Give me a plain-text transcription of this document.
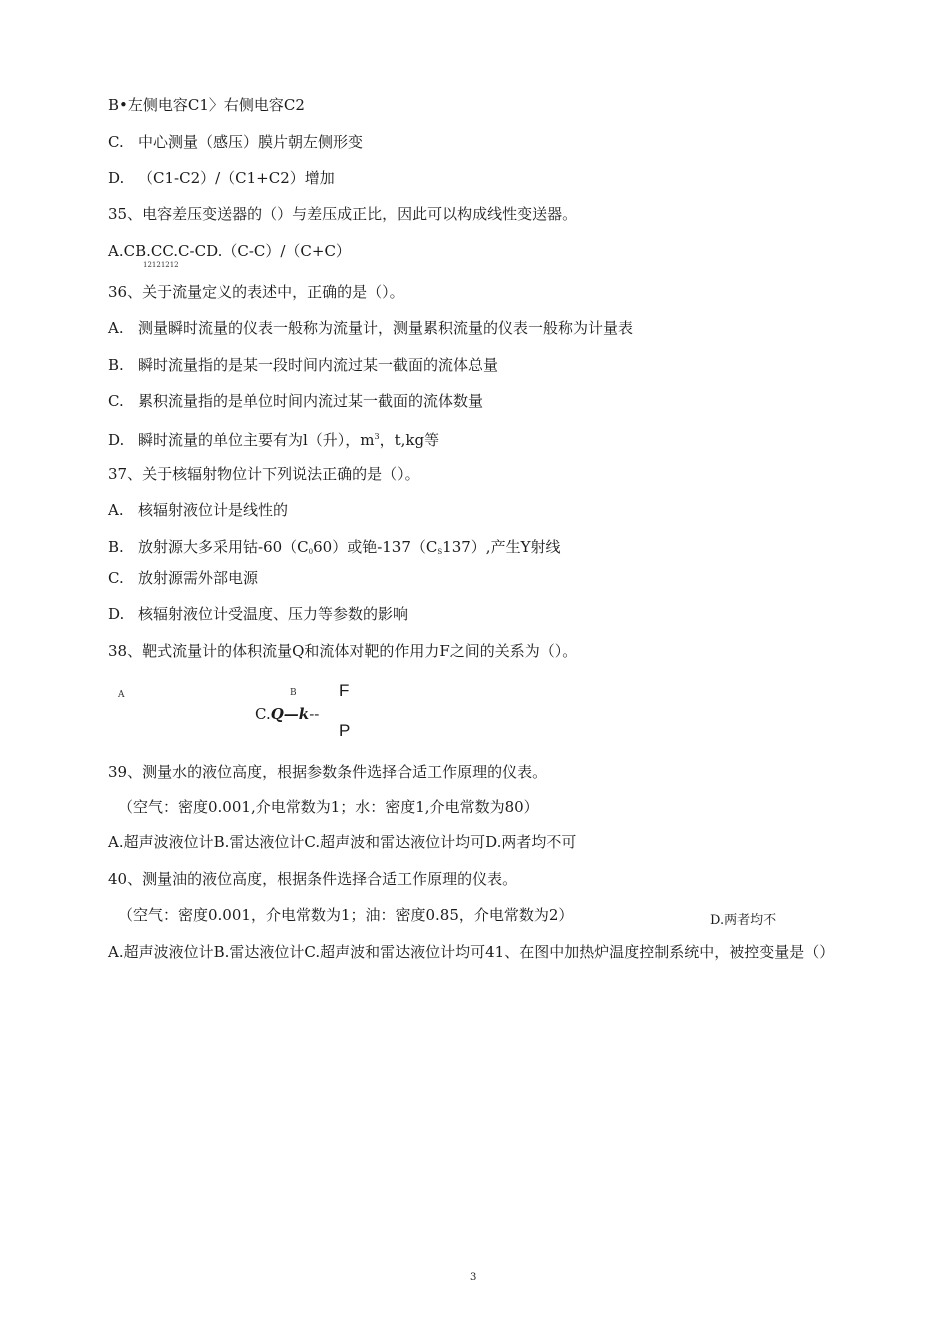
B•左侧电容C1〉右侧电容C2
C. 中心测量（感压）膜片朝左侧形变
D. （C1-C2）/（C1+C2）增加
35、电容差压变送器的（）与差压成正比，因此可以构成线性变送器。
A.CB.CC.C-CD.（C-C）/（C+C）
12121212
36、关于流量定义的表述中，正确的是（）。
A. 测量瞬时流量的仪表一般称为流量计，测量累积流量的仪表一般称为计量表
B. 瞬时流量指的是某一段时间内流过某一截面的流体总量
C. 累积流量指的是单位时间内流过某一截面的流体数量
D. 瞬时流量的单位主要有为l（升），$m^3$，t,kg等
37、关于核辐射物位计下列说法正确的是（）。
A. 核辐射液位计是线性的
B. 放射源大多采用钴$-60(C_060)$或铯$-137(C_S137)$,产生Y射线
C. 放射源需外部电源
D. 核辐射液位计受温度、压力等参数的影响
38、靶式流量计的体积流量Q和流体对靶的作用力F之间的关系为（）。
A	B
C.Q—k--
F
P
39、测量水的液位高度，根据参数条件选择合适工作原理的仪表。
（空气：密度0.001,介电常数为1；水：密度1,介电常数为80）
A.超声波液位计B.雷达液位计C.超声波和雷达液位计均可D.两者均不可
40、测量油的液位高度，根据条件选择合适工作原理的仪表。
（空气：密度0.001，介电常数为1；油：密度0.85，介电常数为2）	D.两者均不
A.超声波液位计B.雷达液位计C.超声波和雷达液位计均可41、在图中加热炉温度控制系统中，被控变量是（）
3
